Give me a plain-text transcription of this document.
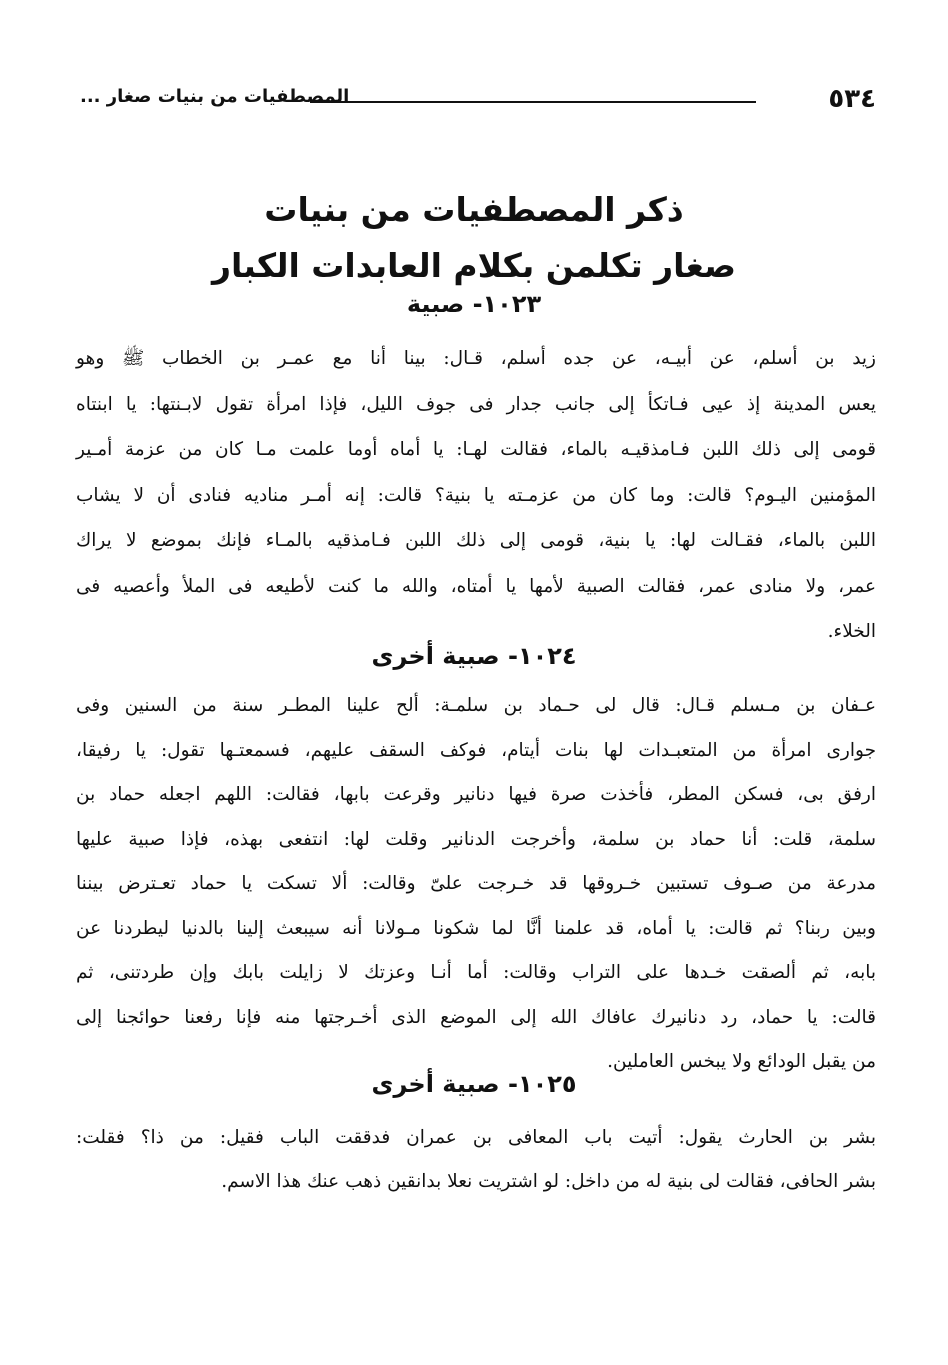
٥٣٤
المصطفيات من بنيات صغار ...
ذكر المصطفيات من بنيات
صغار تكلمن بكلام العابدات الكبار
١٠٢٣- صبية
زيد بن أسلم، عن أبيـه، عن جده أسلم، قـال: بينا أنا مع عمـر بن الخطاب ﷺ وهو
يعس المدينة إذ عيى فـاتكأ إلى جانب جدار فى جوف الليل، فإذا امرأة تقول لابـنتها: يا ابنتاه
قومى إلى ذلك اللبن فـامذقيـه بالماء، فقالت لهـا: يا أماه أوما علمت مـا كان من عزمة أمـير
المؤمنين اليـوم؟ قالت: وما كان من عزمـته يا بنية؟ قالت: إنه أمـر مناديه فنادى أن لا يشاب
اللبن بالماء، فقـالت لها: يا بنية، قومى إلى ذلك اللبن فـامذقيه بالمـاء فإنك بموضع لا يراك
عمر، ولا منادى عمر، فقالت الصبية لأمها يا أمتاه، والله ما كنت لأطيعه فى الملأ وأعصيه فى
الخلاء.
١٠٢٤- صبية أخرى
عـفان بن مـسلم قـال: قال لى حـماد بن سلمـة: ألح علينا المطـر سنة من السنين وفى
جوارى امرأة من المتعبـدات لها بنات أيتام، فوكف السقف عليهم، فسمعتـها تقول: يا رفيقا،
ارفق بى، فسكن المطر، فأخذت صرة فيها دنانير وقرعت بابها، فقالت: اللهم اجعله حماد بن
سلمة، قلت: أنا حماد بن سلمة، وأخرجت الدنانير وقلت لها: انتفعى بهذه، فإذا صبية عليها
مدرعة من صـوف تستبين خـروقها قد خـرجت علىّ وقالت: ألا تسكت يا حماد تعـترض بيننا
وبين ربنا؟ ثم قالت: يا أماه، قد علمنا أنَّا لما شكونا مـولانا أنه سيبعث إلينا بالدنيا ليطردنا عن
بابه، ثم ألصقت خـدها على التراب وقالت: أما أنـا وعزتك لا زايلت بابك وإن طردتنى، ثم
قالت: يا حماد، رد دنانيرك عافاك الله إلى الموضع الذى أخـرجتها منه فإنا رفعنا حوائجنا إلى
من يقبل الودائع ولا يبخس العاملين.
١٠٢٥- صبية أخرى
بشر بن الحارث يقول: أتيت باب المعافى بن عمران فدققت الباب فقيل: من ذا؟ فقلت:
بشر الحافى، فقالت لى بنية له من داخل: لو اشتريت نعلا بدانقين ذهب عنك هذا الاسم.
